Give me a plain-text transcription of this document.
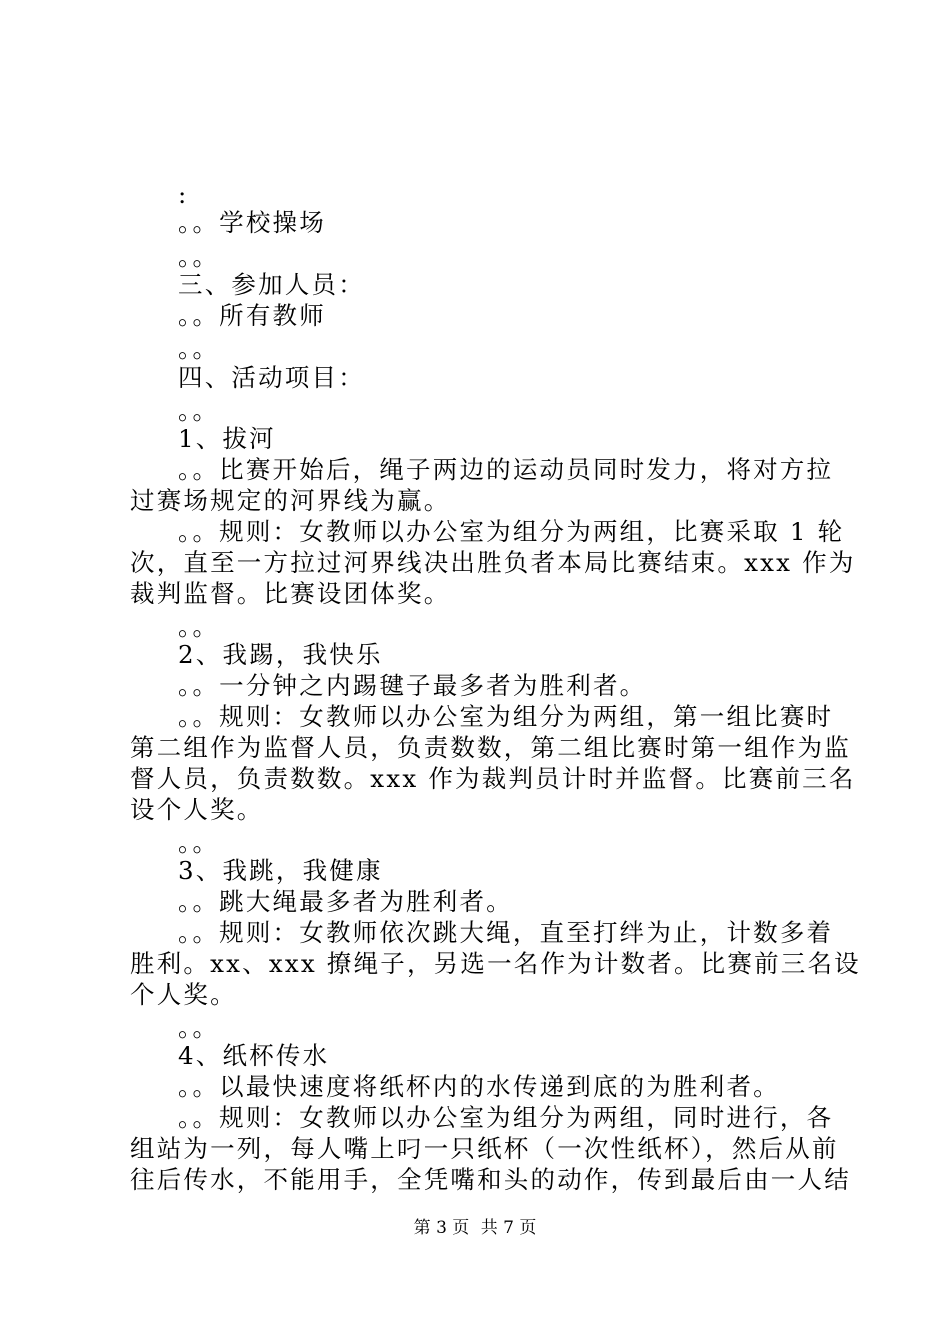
:
。。学校操场
。。
三、参加人员：
。。所有教师
。。
四、活动项目：
。。
1、拔河
。。比赛开始后，绳子两边的运动员同时发力，将对方拉
过赛场规定的河界线为赢。
。。规则：女教师以办公室为组分为两组，比赛采取 1 轮
次，直至一方拉过河界线决出胜负者本局比赛结束。xxx 作为
裁判监督。比赛设团体奖。
。。
2、我踢，我快乐
。。一分钟之内踢毽子最多者为胜利者。
。。规则：女教师以办公室为组分为两组，第一组比赛时
第二组作为监督人员，负责数数，第二组比赛时第一组作为监
督人员，负责数数。xxx 作为裁判员计时并监督。比赛前三名
设个人奖。
。。
3、我跳，我健康
。。跳大绳最多者为胜利者。
。。规则：女教师依次跳大绳，直至打绊为止，计数多着
胜利。xx、xxx 撩绳子，另选一名作为计数者。比赛前三名设
个人奖。
。。
4、纸杯传水
。。以最快速度将纸杯内的水传递到底的为胜利者。
。。规则：女教师以办公室为组分为两组，同时进行，各
组站为一列，每人嘴上叼一只纸杯（一次性纸杯），然后从前
往后传水，不能用手，全凭嘴和头的动作，传到最后由一人结
第 3 页 共 7 页
